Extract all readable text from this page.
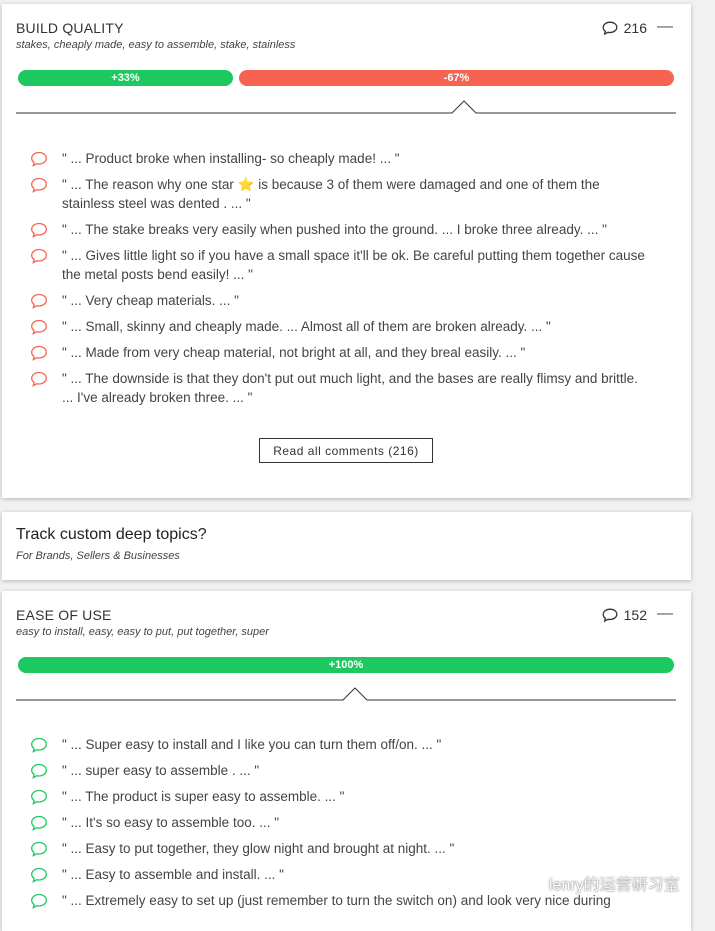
BUILD QUALITY
stakes, cheaply made, easy to assemble, stake, stainless
216 —
+33%	-67%
" ... Product broke when installing- so cheaply made! ... "
" ... The reason why one star ⭐ is because 3 of them were damaged and one of them the stainless steel was dented . ... "
" ... The stake breaks very easily when pushed into the ground. ... I broke three already. ... "
" ... Gives little light so if you have a small space it'll be ok. Be careful putting them together cause the metal posts bend easily! ... "
" ... Very cheap materials. ... "
" ... Small, skinny and cheaply made. ... Almost all of them are broken already. ... "
" ... Made from very cheap material, not bright at all, and they breal easily. ... "
" ... The downside is that they don't put out much light, and the bases are really flimsy and brittle. ... I've already broken three. ... "
Read all comments (216)
Track custom deep topics?
For Brands, Sellers & Businesses
EASE OF USE
easy to install, easy, easy to put, put together, super
152 —
+100%
" ... Super easy to install and I like you can turn them off/on. ... "
" ... super easy to assemble . ... "
" ... The product is super easy to assemble. ... "
" ... It's so easy to assemble too. ... "
" ... Easy to put together, they glow night and brought at night. ... "
" ... Easy to assemble and install. ... "
" ... Extremely easy to set up (just remember to turn the switch on) and look very nice during
lenry的运营研习室
